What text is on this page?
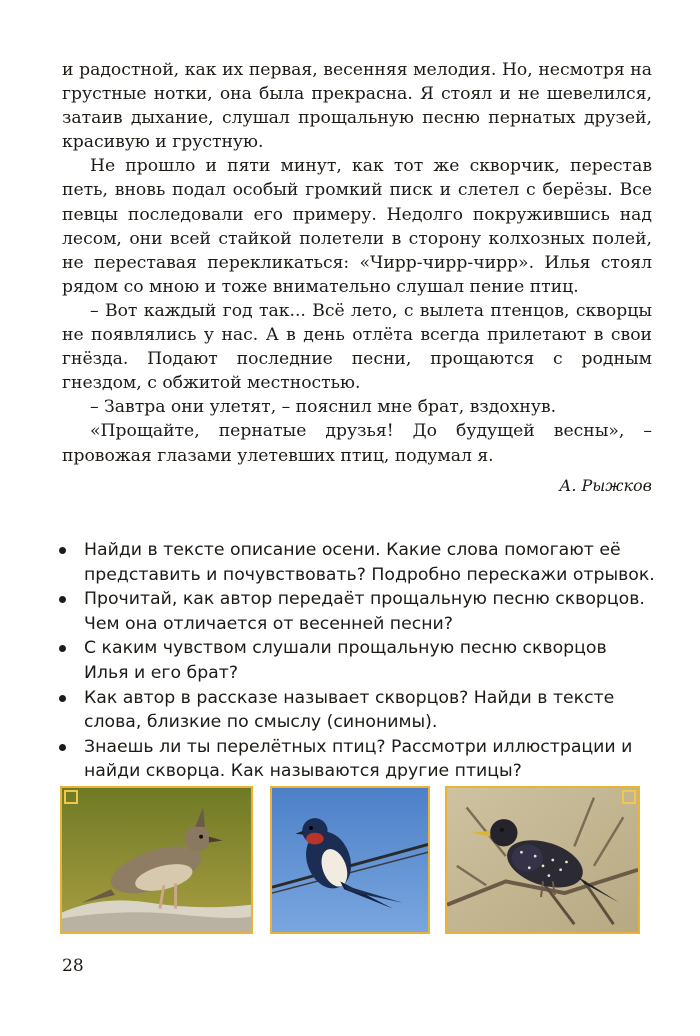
и радостной, как их первая, весенняя мелодия. Но, несмотря на грустные нотки, она была прекрасна. Я стоял и не шевелился, затаив дыхание, слушал прощальную песню пернатых друзей, красивую и грустную.

Не прошло и пяти минут, как тот же скворчик, перестав петь, вновь подал особый громкий писк и слетел с берёзы. Все певцы последовали его примеру. Недолго покружившись над лесом, они всей стайкой полетели в сторону колхозных полей, не переставая перекликаться: «Чирр-чирр-чирр». Илья стоял рядом со мною и тоже внимательно слушал пение птиц.

– Вот каждый год так... Всё лето, с вылета птенцов, скворцы не появлялись у нас. А в день отлёта всегда прилетают в свои гнёзда. Подают последние песни, прощаются с родным гнездом, с обжитой местностью.

– Завтра они улетят, – пояснил мне брат, вздохнув.

«Прощайте, пернатые друзья! До будущей весны», – провожая глазами улетевших птиц, подумал я.

А. Рыжков

Найди в тексте описание осени. Какие слова помогают её представить и почувствовать? Подробно перескажи отрывок.
Прочитай, как автор передаёт прощальную песню скворцов. Чем она отличается от весенней песни?
С каким чувством слушали прощальную песню скворцов Илья и его брат?
Как автор в рассказе называет скворцов? Найди в тексте слова, близкие по смыслу (синонимы).
Знаешь ли ты перелётных птиц? Рассмотри иллюстрации и найди скворца. Как называются другие птицы?
28
